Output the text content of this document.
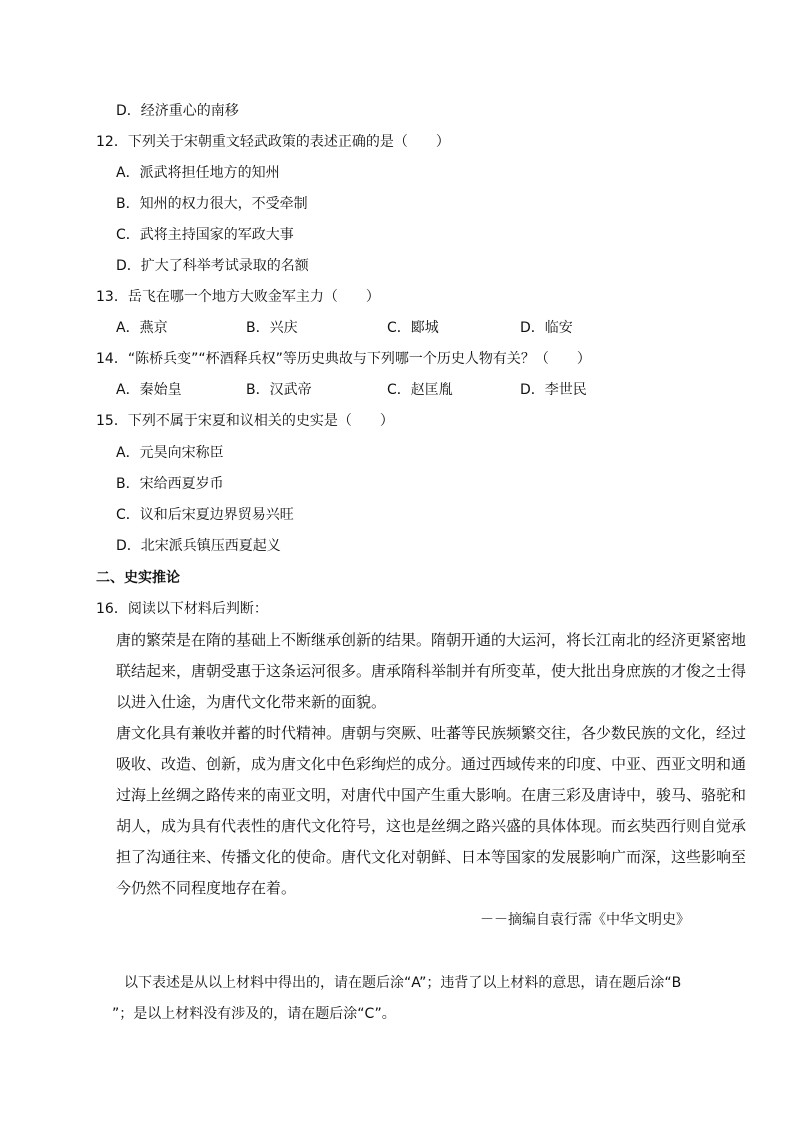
D．经济重心的南移
12．下列关于宋朝重文轻武政策的表述正确的是（　　）
A．派武将担任地方的知州
B．知州的权力很大，不受牵制
C．武将主持国家的军政大事
D．扩大了科举考试录取的名额
13．岳飞在哪一个地方大败金军主力（　　）
A．燕京	B．兴庆	C．郾城	D．临安
14．“陈桥兵变”“杯酒释兵权”等历史典故与下列哪一个历史人物有关？（　　）
A．秦始皇	B．汉武帝	C．赵匡胤	D．李世民
15．下列不属于宋夏和议相关的史实是（　　）
A．元昊向宋称臣
B．宋给西夏岁币
C．议和后宋夏边界贸易兴旺
D．北宋派兵镇压西夏起义
二、史实推论
16．阅读以下材料后判断：
唐的繁荣是在隋的基础上不断继承创新的结果。隋朝开通的大运河，将长江南北的经济更紧密地
联结起来，唐朝受惠于这条运河很多。唐承隋科举制并有所变革，使大批出身庶族的才俊之士得
以进入仕途，为唐代文化带来新的面貌。
唐文化具有兼收并蓄的时代精神。唐朝与突厥、吐蕃等民族频繁交往，各少数民族的文化，经过
吸收、改造、创新，成为唐文化中色彩绚烂的成分。通过西域传来的印度、中亚、西亚文明和通
过海上丝绸之路传来的南亚文明，对唐代中国产生重大影响。在唐三彩及唐诗中，骏马、骆驼和
胡人，成为具有代表性的唐代文化符号，这也是丝绸之路兴盛的具体体现。而玄奘西行则自觉承
担了沟通往来、传播文化的使命。唐代文化对朝鲜、日本等国家的发展影响广而深，这些影响至
今仍然不同程度地存在着。
－－摘编自袁行霈《中华文明史》
以下表述是从以上材料中得出的，请在题后涂“A”；违背了以上材料的意思，请在题后涂“B
”；是以上材料没有涉及的，请在题后涂“C”。
